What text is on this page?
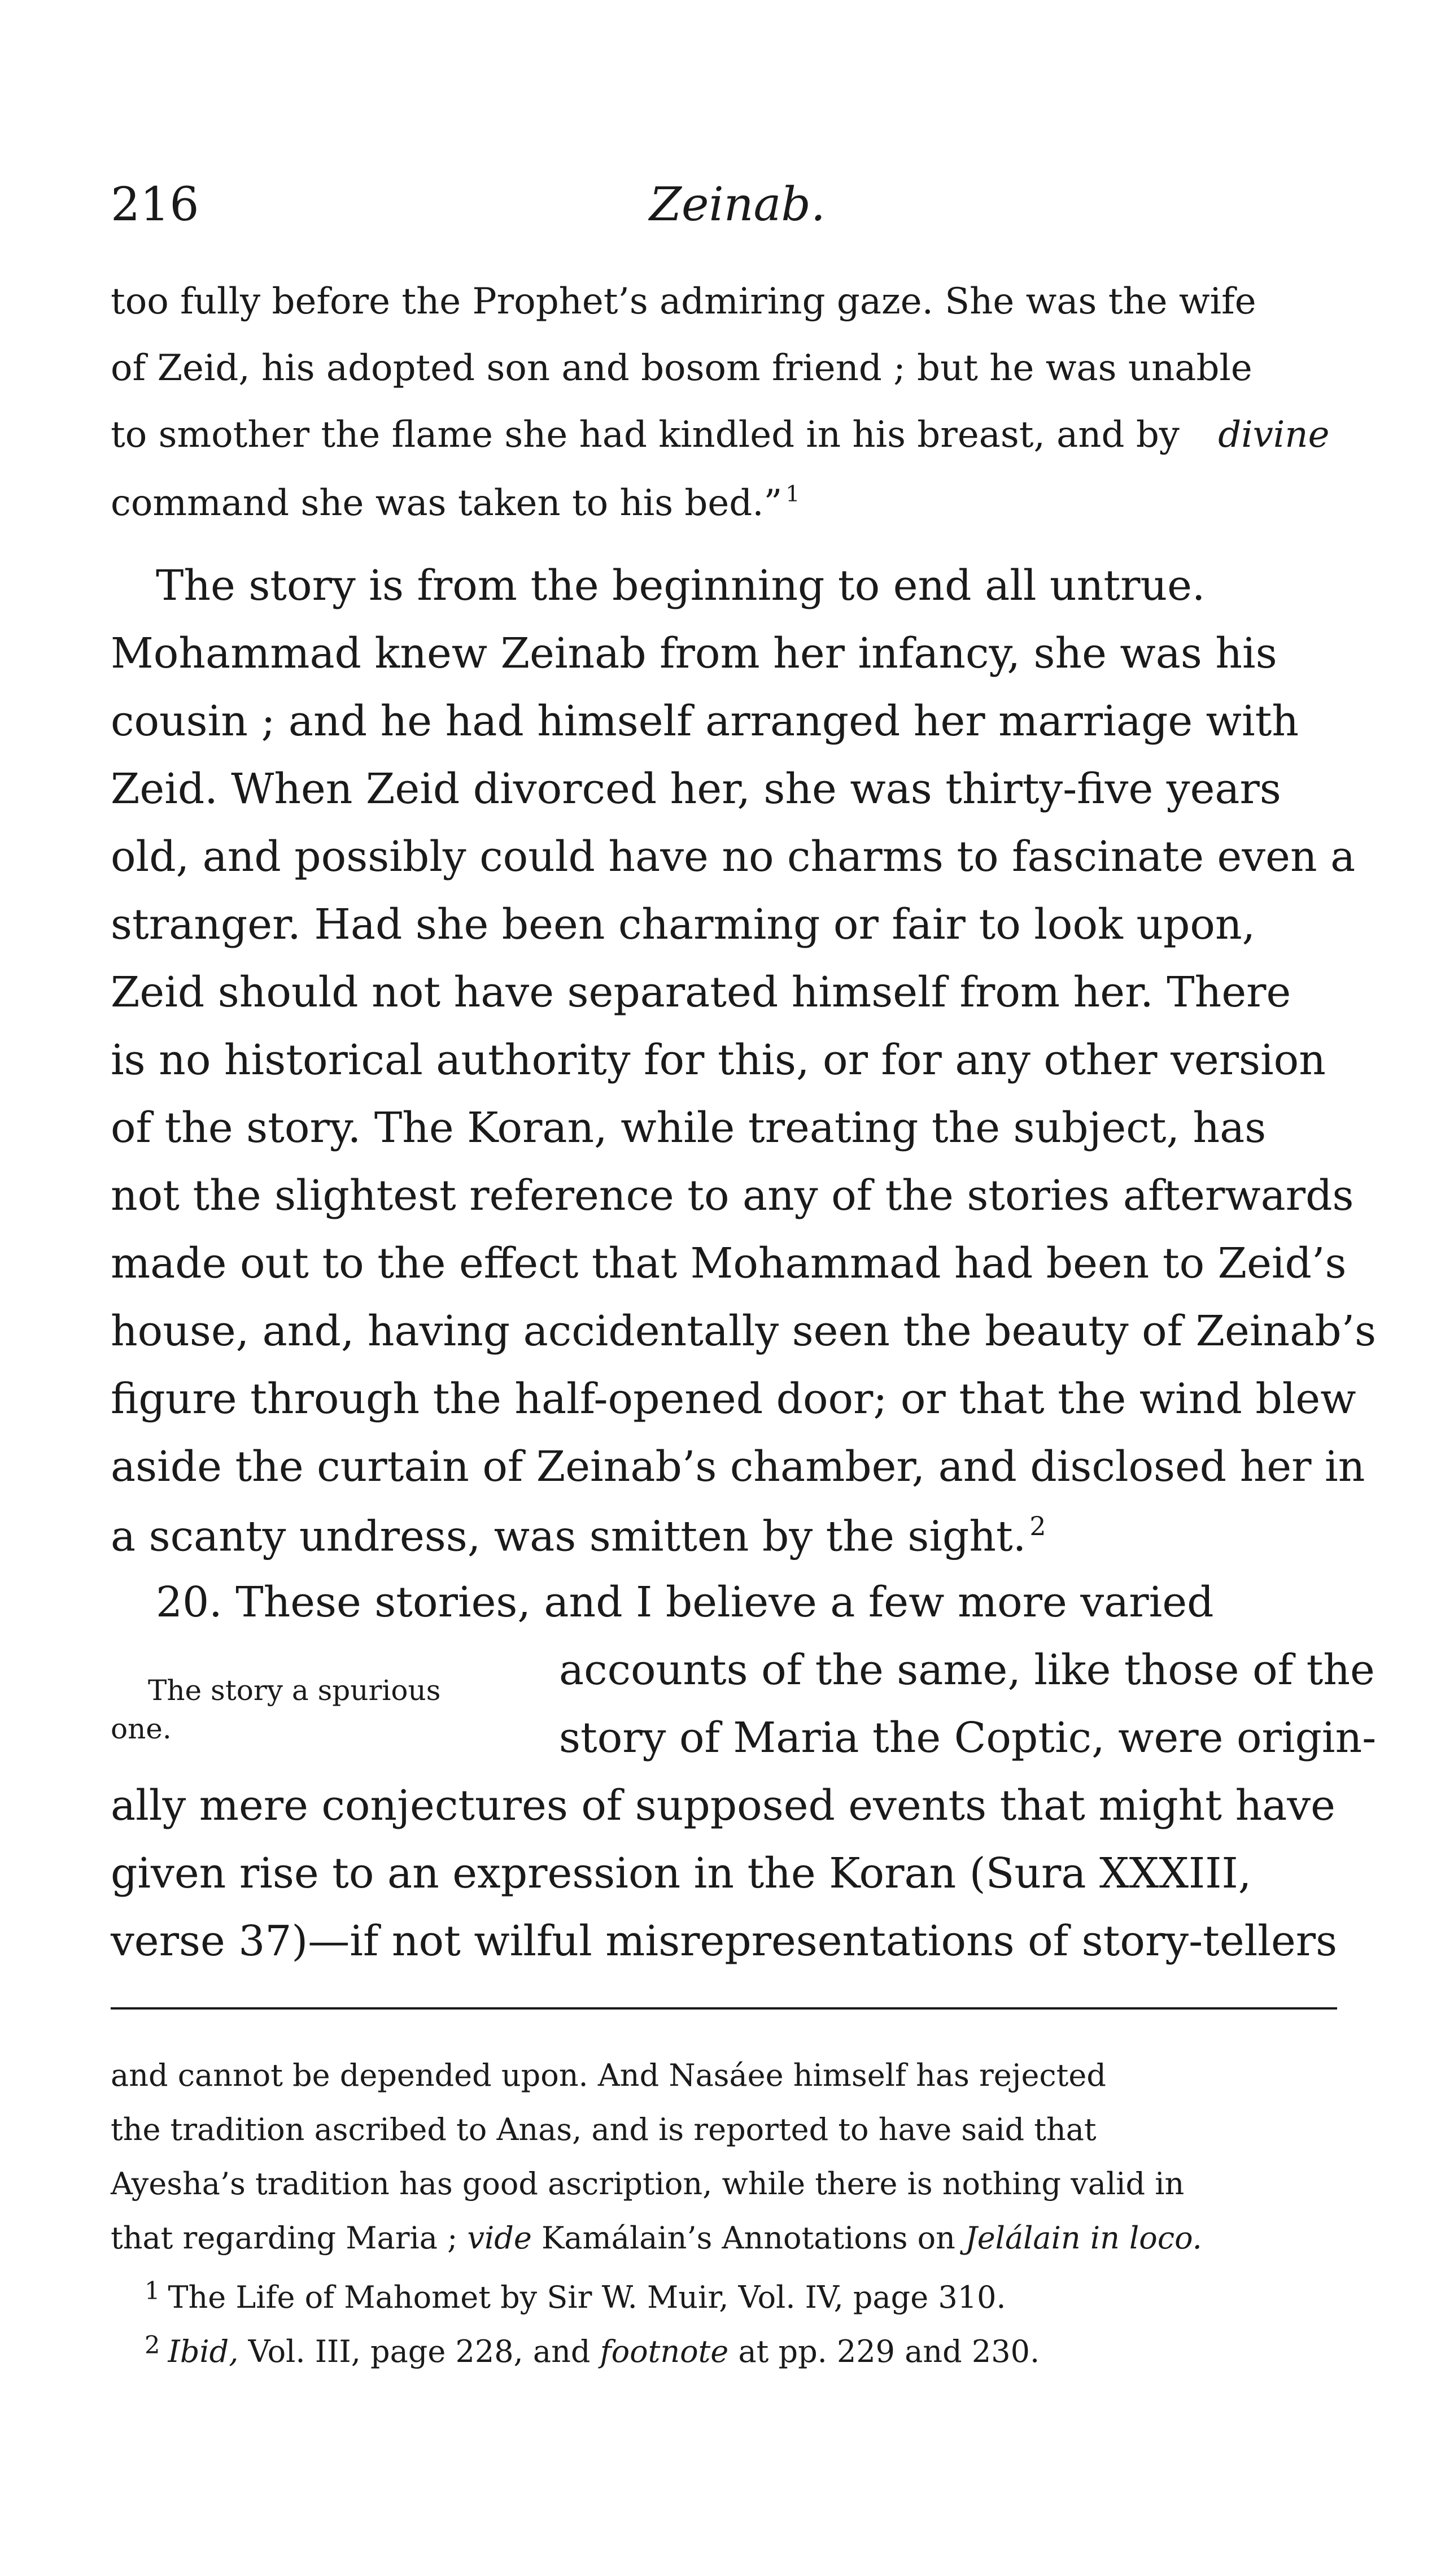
216	Zeinab.
too fully before the Prophet’s admiring gaze. She was the wife
of Zeid, his adopted son and bosom friend ; but he was unable
to smother the flame she had kindled in his breast, and by divine
command she was taken to his bed.” $^1$
The story is from the beginning to end all untrue.
Mohammad knew Zeinab from her infancy, she was his
cousin ; and he had himself arranged her marriage with
Zeid. When Zeid divorced her, she was thirty-five years
old, and possibly could have no charms to fascinate even a
stranger. Had she been charming or fair to look upon,
Zeid should not have separated himself from her. There
is no historical authority for this, or for any other version
of the story. The Koran, while treating the subject, has
not the slightest reference to any of the stories afterwards
made out to the effect that Mohammad had been to Zeid’s
house, and, having accidentally seen the beauty of Zeinab’s
figure through the half-opened door; or that the wind blew
aside the curtain of Zeinab’s chamber, and disclosed her in
a scanty undress, was smitten by the sight. $^2$
20. These stories, and I believe a few more varied
accounts of the same, like those of the
story of Maria the Coptic, were origin-
ally mere conjectures of supposed events that might have
given rise to an expression in the Koran (Sura XXXIII,
verse 37)—if not wilful misrepresentations of story-tellers
The story a spurious
one.
and cannot be depended upon. And Nasáee himself has rejected
the tradition ascribed to Anas, and is reported to have said that
Ayesha’s tradition has good ascription, while there is nothing valid in
that regarding Maria ; vide Kamálain’s Annotations on Jelálain in loco.
$^1$ The Life of Mahomet by Sir W. Muir, Vol. IV, page 310.
$^2$ Ibid, Vol. III, page 228, and footnote at pp. 229 and 230.
